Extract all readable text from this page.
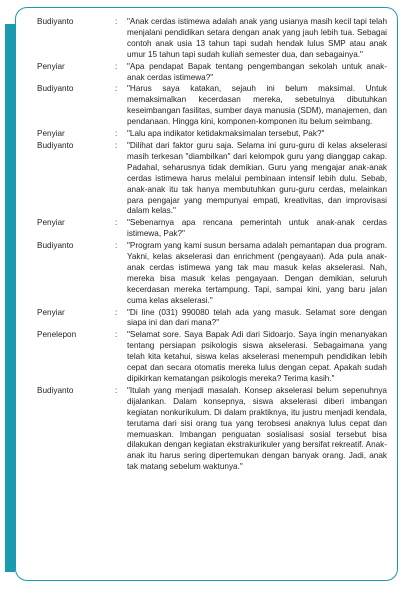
Budiyanto	:	"Anak cerdas istimewa adalah anak yang usianya masih kecil tapi telah menjalani pendidikan setara dengan anak yang jauh lebih tua. Sebagai contoh anak usia 13 tahun tapi sudah hendak lulus SMP atau anak umur 15 tahun tapi sudah kuliah semester dua, dan sebagainya."
Penyiar	:	"Apa pendapat Bapak tentang pengembangan sekolah untuk anak-anak cerdas istimewa?"
Budiyanto	:	"Harus saya katakan, sejauh ini belum maksimal. Untuk memaksimalkan kecerdasan mereka, sebetulnya dibutuhkan keseimbangan fasilitas, sumber daya manusia (SDM), manajemen, dan pendanaan. Hingga kini, komponen-komponen itu belum seimbang.
Penyiar	:	"Lalu apa indikator ketidakmaksimalan tersebut, Pak?"
Budiyanto	:	"Dilihat dari faktor guru saja. Selama ini guru-guru di kelas akselerasi masih terkesan "diambilkan" dari kelompok guru yang dianggap cakap. Padahal, seharusnya tidak demikian. Guru yang mengajar anak-anak cerdas istimewa harus melalui pembinaan intensif lebih dulu. Sebab, anak-anak itu tak hanya membutuhkan guru-guru cerdas, melainkan para pengajar yang mempunyai empati, kreativitas, dan improvisasi dalam kelas."
Penyiar	:	"Sebenarnya apa rencana pemerintah untuk anak-anak cerdas istimewa, Pak?"
Budiyanto	:	"Program yang kami susun bersama adalah pemantapan dua program. Yakni, kelas akselerasi dan enrichment (pengayaan). Ada pula anak-anak cerdas istimewa yang tak mau masuk kelas akselerasi. Nah, mereka bisa masuk kelas pengayaan. Dengan demikian, seluruh kecerdasan mereka tertampung. Tapi, sampai kini, yang baru jalan cuma kelas akselerasi."
Penyiar	:	"Di line (031) 990080 telah ada yang masuk. Selamat sore dengan siapa ini dan dari mana?"
Penelepon	:	"Selamat sore. Saya Bapak Adi dari Sidoarjo. Saya ingin menanyakan tentang persiapan psikologis siswa akselerasi. Sebagaimana yang telah kita ketahui, siswa kelas akselerasi menempuh pendidikan lebih cepat dan secara otomatis mereka lulus dengan cepat. Apakah sudah dipikirkan kematangan psikologis mereka? Terima kasih."
Budiyanto	:	"Itulah yang menjadi masalah. Konsep akselerasi belum sepenuhnya dijalankan. Dalam konsepnya, siswa akselerasi diberi imbangan kegiatan nonkurikulum. Di dalam praktiknya, itu justru menjadi kendala, terutama dari sisi orang tua yang terobsesi anaknya lulus cepat dan memuaskan. Imbangan penguatan sosialisasi sosial tersebut bisa dilakukan dengan kegiatan ekstrakurikuler yang bersifat rekreatif. Anak-anak itu harus sering dipertemukan dengan banyak orang. Jadi, anak tak matang sebelum waktunya."
